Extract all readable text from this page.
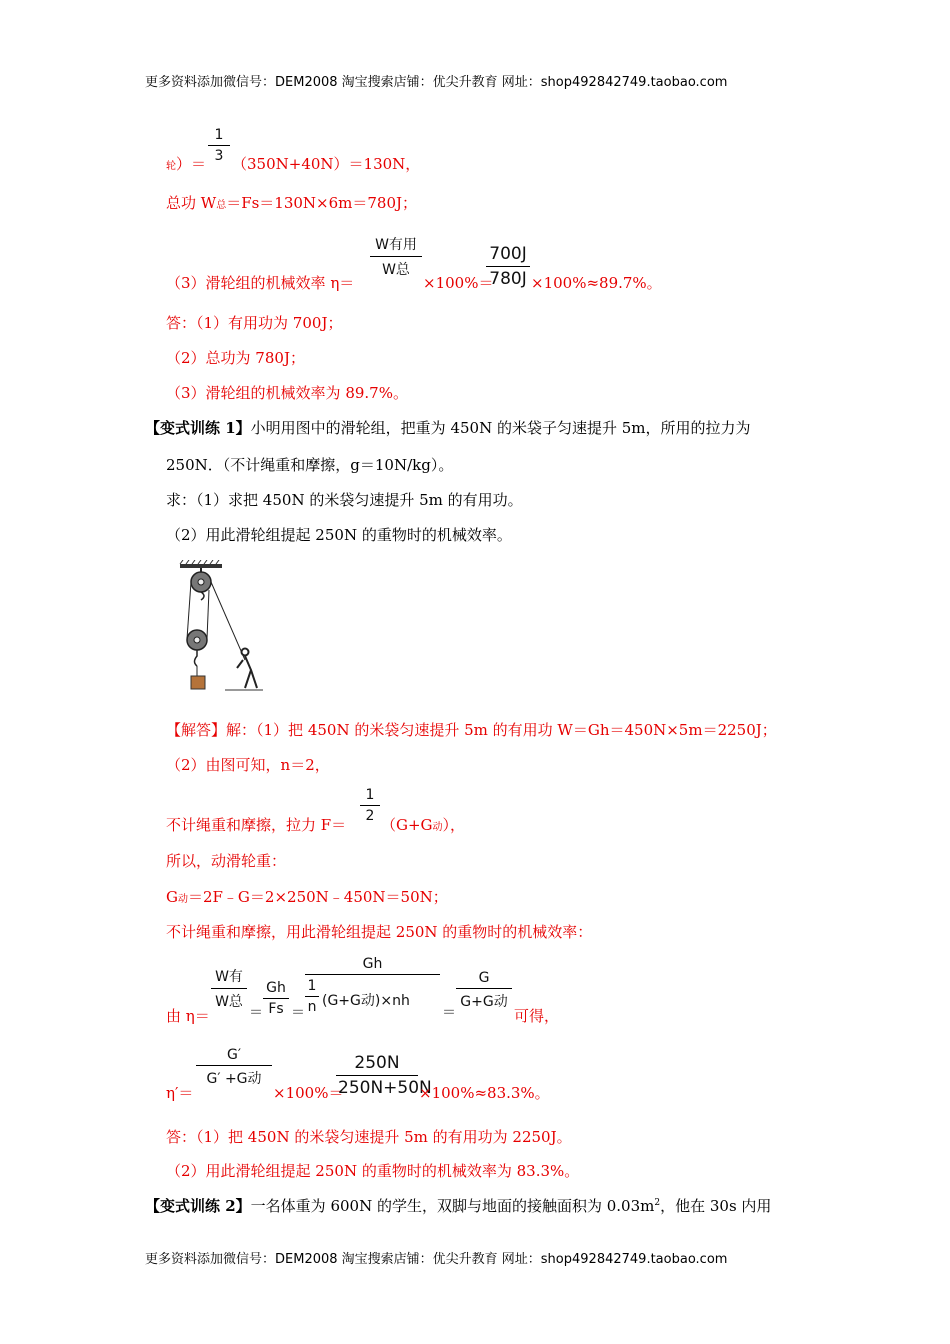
更多资料添加微信号：DEM2008 淘宝搜索店铺：优尖升教育 网址：shop492842749.taobao.com
更多资料添加微信号：DEM2008 淘宝搜索店铺：优尖升教育 网址：shop492842749.taobao.com
轮）＝ $\frac{1}{3} (350N+40N)=130N$，
总功 W总＝Fs＝130N×6m＝780J；
（3）滑轮组的机械效率 η＝
W有用
W总
×100%＝
$\frac{700J}{780J} \times 100\%\approx 89.7\%$。
答：（1）有用功为 700J；
（2）总功为 780J；
（3）滑轮组的机械效率为 89.7%。
【变式训练 1】小明用图中的滑轮组，把重为 450N 的米袋子匀速提升 5m，所用的拉力为
250N．（不计绳重和摩擦，g＝10N/kg）。
求：（1）求把 450N 的米袋匀速提升 5m 的有用功。
（2）用此滑轮组提起 250N 的重物时的机械效率。
【解答】解：（1）把 450N 的米袋匀速提升 5m 的有用功 W＝Gh＝450N×5m＝2250J；
（2）由图可知，n＝2，
不计绳重和摩擦，拉力 F＝
$\frac{1}{2}$
（G+G动），
所以，动滑轮重：
G动＝2F﹣G＝2×250N﹣450N＝50N；
不计绳重和摩擦，用此滑轮组提起 250N 的重物时的机械效率：
由 η＝
W有
W总
＝ $\frac{Gh}{Fs}$ ＝
Gh
$\frac{1}{n} (G+G$动)×nh
＝
G
G+G动
可得，
η′＝
G′
G′ +G动
×100%＝
$\frac{250N}{250N+50N} \times 100\%\approx 83.3\%$。
答：（1）把 450N 的米袋匀速提升 5m 的有用功为 2250J。
（2）用此滑轮组提起 250N 的重物时的机械效率为 83.3%。
【变式训练 2】一名体重为 600N 的学生，双脚与地面的接触面积为 $0.03m^2$，他在 30s 内用
